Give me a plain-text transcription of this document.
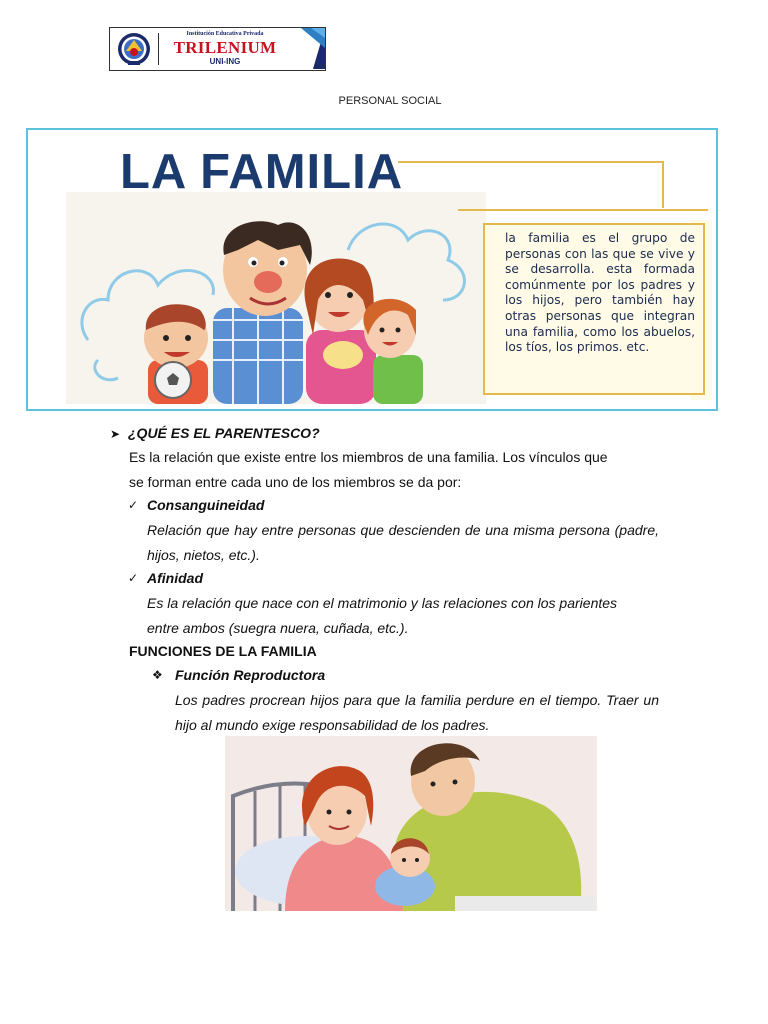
Institución Educativa Privada
TRILENIUM
UNI-ING
PERSONAL SOCIAL
LA FAMILIA
la familia es el grupo de personas con las que se vive y se desarrolla. esta formada comúnmente por los padres y los hijos, pero también hay otras personas que integran una familia, como los abuelos, los tíos, los primos. etc.
➤ ¿QUÉ ES EL PARENTESCO?
Es la relación que existe entre los miembros de una familia. Los vínculos que
se forman entre cada uno de los miembros se da por:
✓ Consanguineidad
Relación que hay entre personas que descienden de una misma persona (padre, hijos, nietos, etc.).
✓ Afinidad
Es la relación que nace con el matrimonio y las relaciones con los parientes
entre ambos (suegra nuera, cuñada, etc.).
FUNCIONES DE LA FAMILIA
❖ Función Reproductora
Los padres procrean hijos para que la familia perdure en el tiempo. Traer un hijo al mundo exige responsabilidad de los padres.
